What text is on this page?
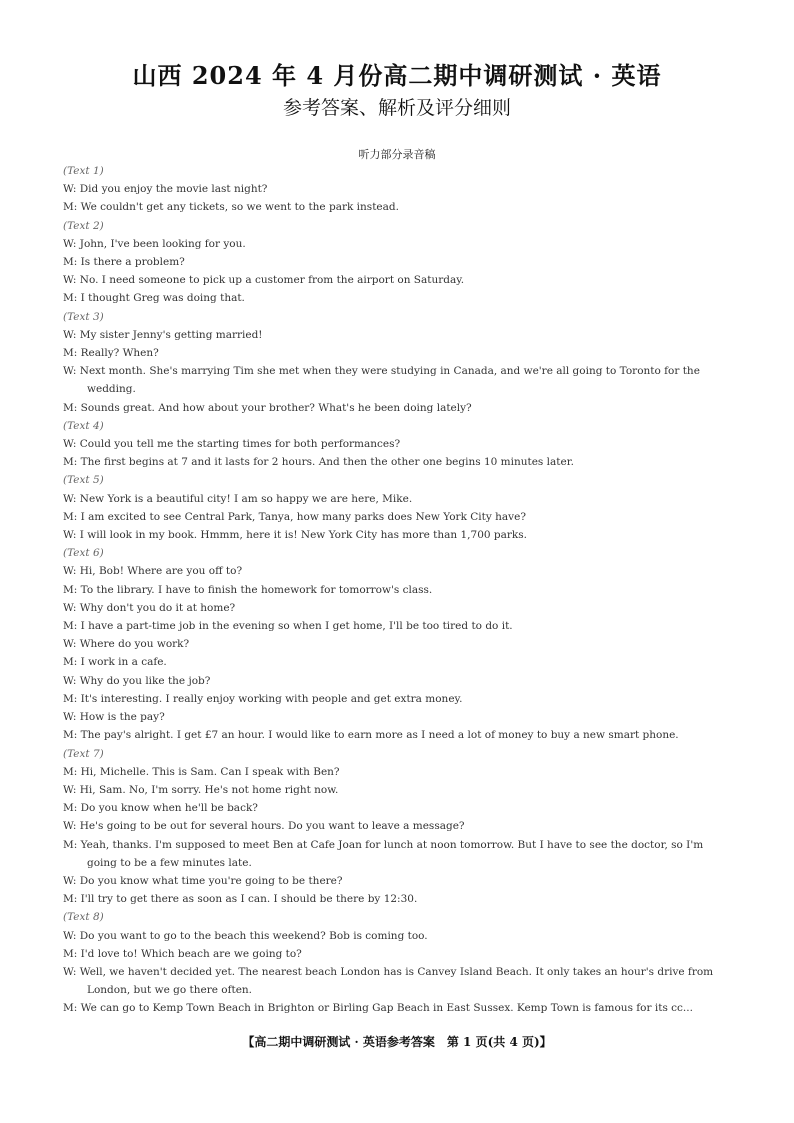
山西 2024 年 4 月份高二期中调研测试 · 英语
参考答案、解析及评分细则
听力部分录音稿
(Text 1)
W: Did you enjoy the movie last night?
M: We couldn't get any tickets, so we went to the park instead.
(Text 2)
W: John, I've been looking for you.
M: Is there a problem?
W: No. I need someone to pick up a customer from the airport on Saturday.
M: I thought Greg was doing that.
(Text 3)
W: My sister Jenny's getting married!
M: Really? When?
W: Next month. She's marrying Tim she met when they were studying in Canada, and we're all going to Toronto for the wedding.
M: Sounds great. And how about your brother? What's he been doing lately?
(Text 4)
W: Could you tell me the starting times for both performances?
M: The first begins at 7 and it lasts for 2 hours. And then the other one begins 10 minutes later.
(Text 5)
W: New York is a beautiful city! I am so happy we are here, Mike.
M: I am excited to see Central Park, Tanya, how many parks does New York City have?
W: I will look in my book. Hmmm, here it is! New York City has more than 1,700 parks.
(Text 6)
W: Hi, Bob! Where are you off to?
M: To the library. I have to finish the homework for tomorrow's class.
W: Why don't you do it at home?
M: I have a part-time job in the evening so when I get home, I'll be too tired to do it.
W: Where do you work?
M: I work in a cafe.
W: Why do you like the job?
M: It's interesting. I really enjoy working with people and get extra money.
W: How is the pay?
M: The pay's alright. I get £7 an hour. I would like to earn more as I need a lot of money to buy a new smart phone.
(Text 7)
M: Hi, Michelle. This is Sam. Can I speak with Ben?
W: Hi, Sam. No, I'm sorry. He's not home right now.
M: Do you know when he'll be back?
W: He's going to be out for several hours. Do you want to leave a message?
M: Yeah, thanks. I'm supposed to meet Ben at Cafe Joan for lunch at noon tomorrow. But I have to see the doctor, so I'm going to be a few minutes late.
W: Do you know what time you're going to be there?
M: I'll try to get there as soon as I can. I should be there by 12:30.
(Text 8)
W: Do you want to go to the beach this weekend? Bob is coming too.
M: I'd love to! Which beach are we going to?
W: Well, we haven't decided yet. The nearest beach London has is Canvey Island Beach. It only takes an hour's drive from London, but we go there often.
M: We can go to Kemp Town Beach in Brighton or Birling Gap Beach in East Sussex. Kemp Town is famous for its cc...
【高二期中调研测试 · 英语参考答案　第 1 页(共 4 页)】
